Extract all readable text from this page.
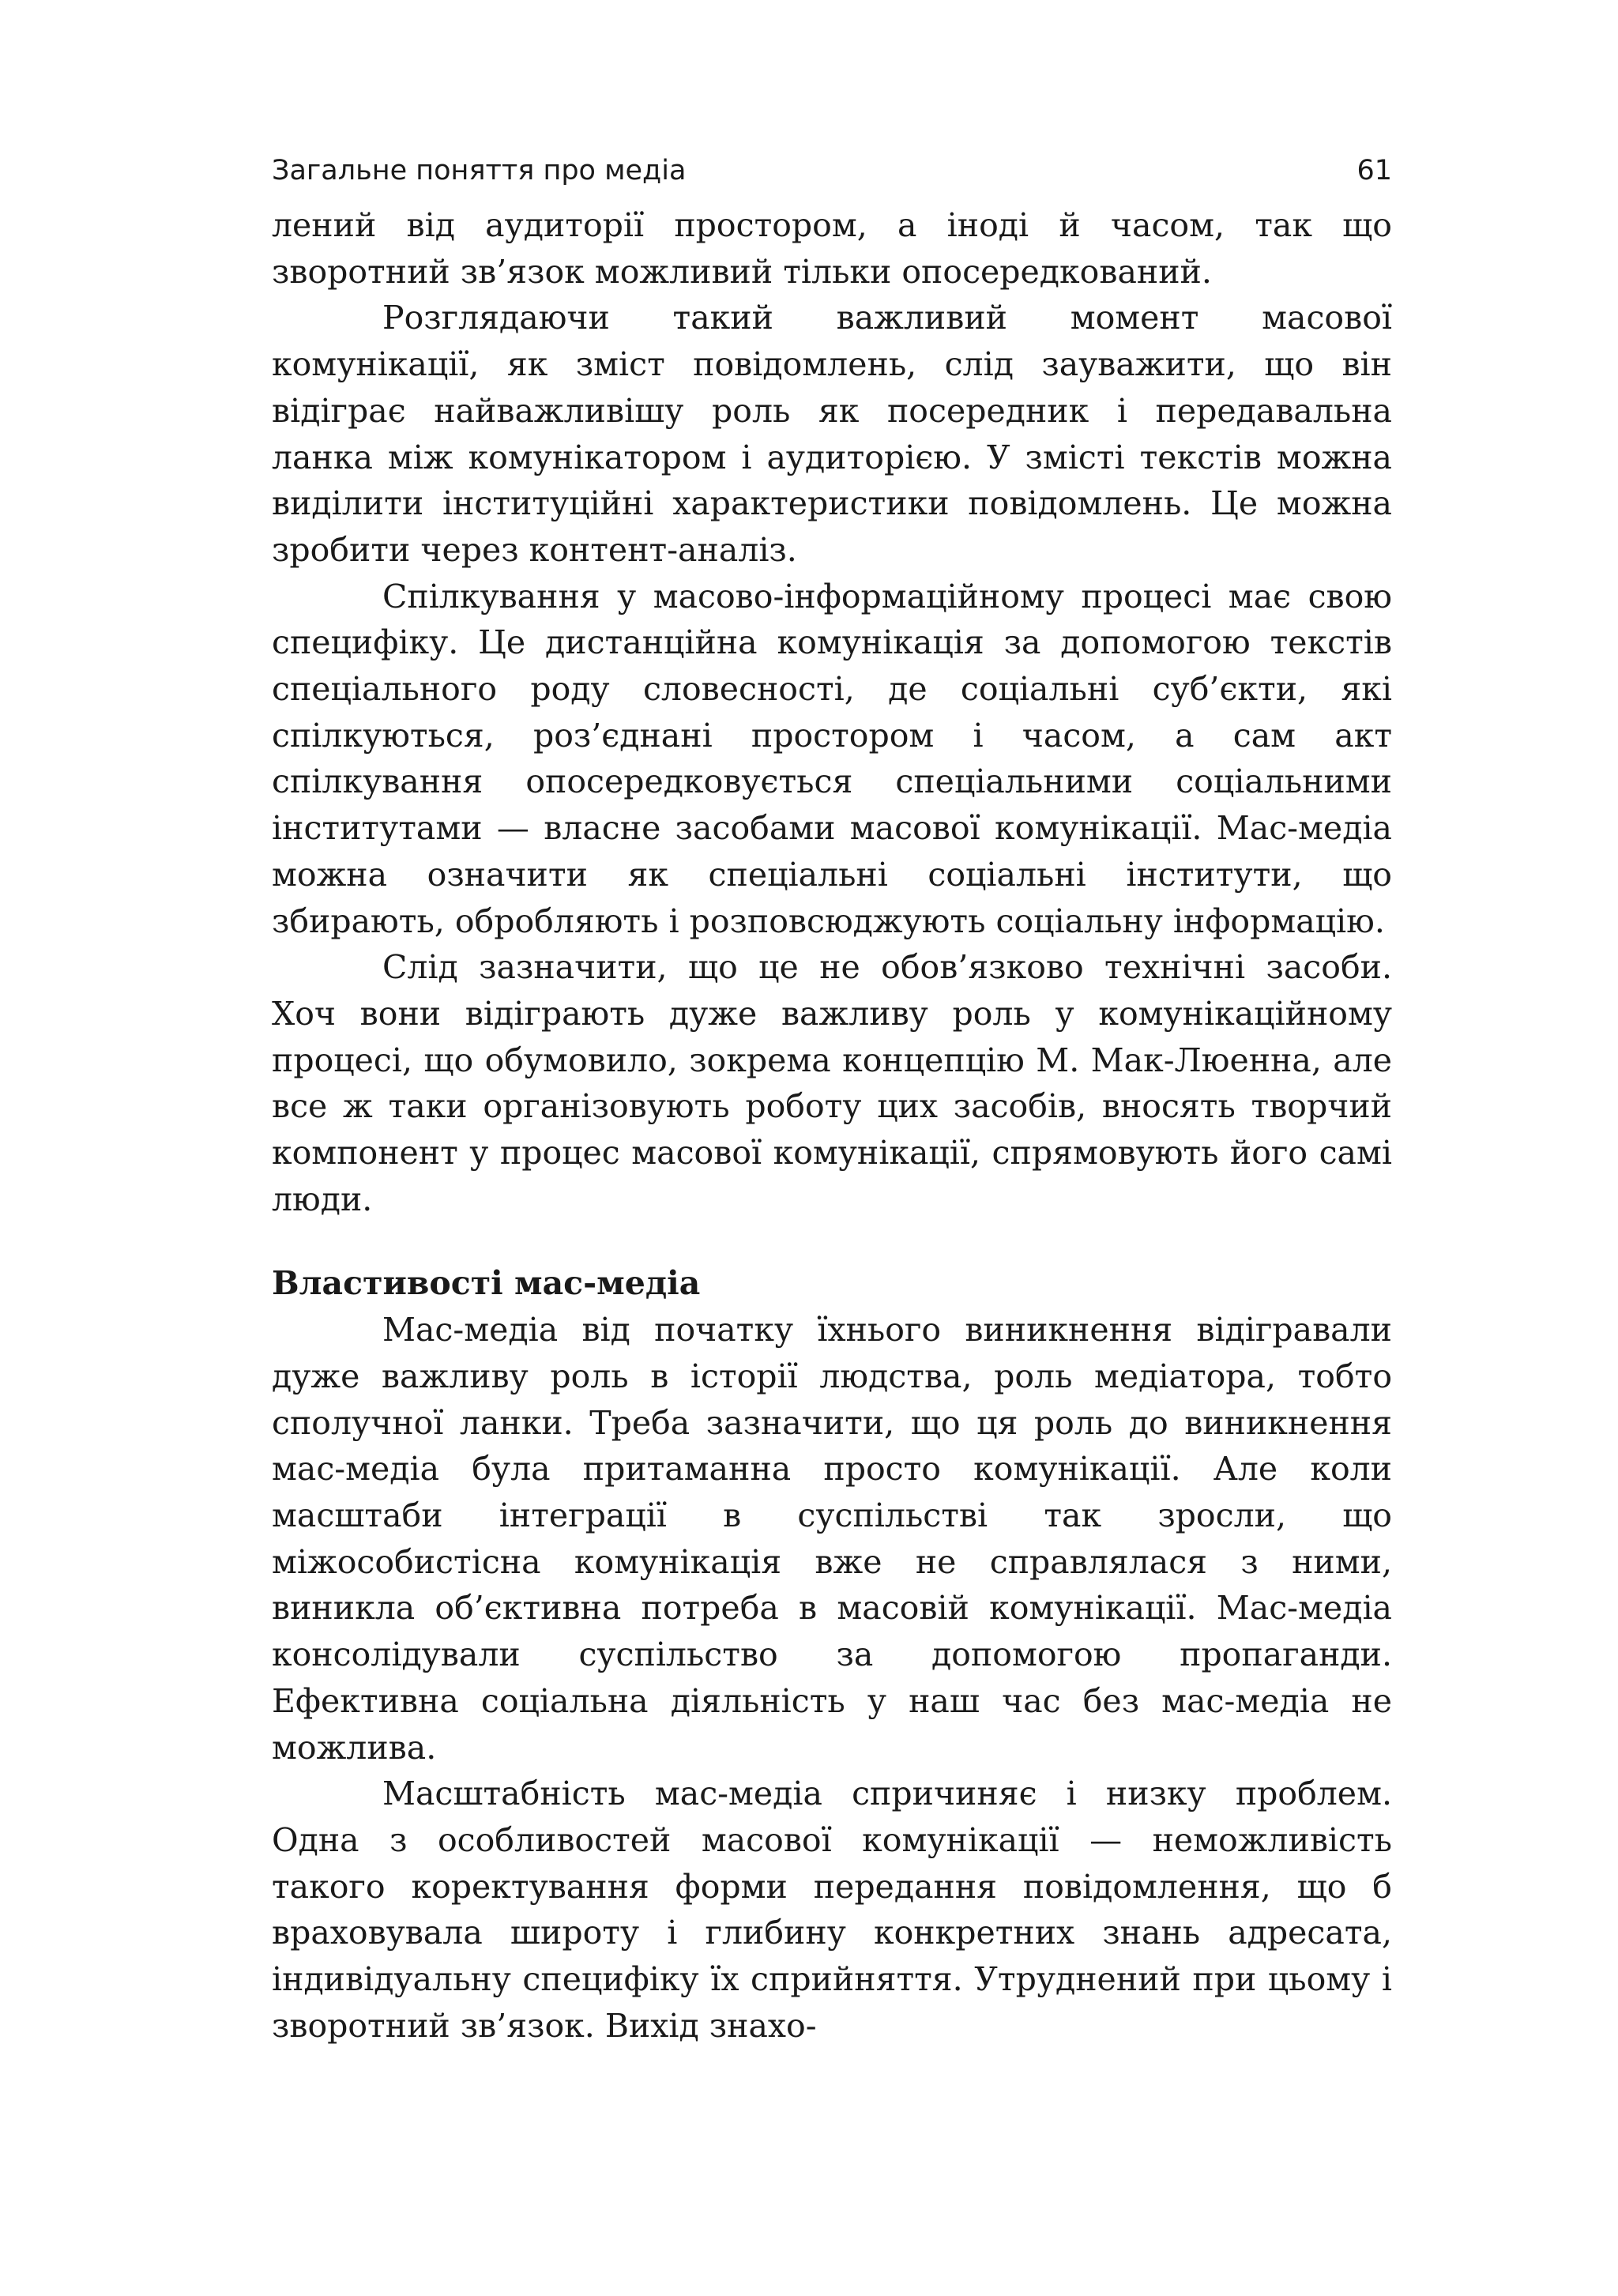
Загальне поняття про медіа	61

лений від аудиторії простором, а іноді й часом, так що зворотний зв’язок можливий тільки опосередкований.

Розглядаючи такий важливий момент масової комунікації, як зміст повідомлень, слід зауважити, що він відіграє найважливішу роль як посередник і передавальна ланка між комунікатором і аудиторією. У змісті текстів можна виділити інституційні характеристики повідомлень. Це можна зробити через контент-аналіз.

Спілкування у масово-інформаційному процесі має свою специфіку. Це дистанційна комунікація за допомогою текстів спеціального роду словесності, де соціальні суб’єкти, які спілкуються, роз’єднані простором і часом, а сам акт спілкування опосередковується спеціальними соціальними інститутами — власне засобами масової комунікації. Мас-медіа можна означити як спеціальні соціальні інститути, що збирають, обробляють і розповсюджують соціальну інформацію.

Слід зазначити, що це не обов’язково технічні засоби. Хоч вони відіграють дуже важливу роль у комунікаційному процесі, що обумовило, зокрема концепцію М. Мак-Люенна, але все ж таки організовують роботу цих засобів, вносять творчий компонент у процес масової комунікації, спрямовують його самі люди.

Властивості мас-медіа

Мас-медіа від початку їхнього виникнення відігравали дуже важливу роль в історії людства, роль медіатора, тобто сполучної ланки. Треба зазначити, що ця роль до виникнення мас-медіа була притаманна просто комунікації. Але коли масштаби інтеграції в суспільстві так зросли, що міжособистісна комунікація вже не справлялася з ними, виникла об’єктивна потреба в масовій комунікації. Мас-медіа консолідували суспільство за допомогою пропаганди. Ефективна соціальна діяльність у наш час без мас-медіа не можлива.

Масштабність мас-медіа спричиняє і низку проблем. Одна з особливостей масової комунікації — неможливість такого коректування форми передання повідомлення, що б враховувала широту і глибину конкретних знань адресата, індивідуальну специфіку їх сприйняття. Утруднений при цьому і зворотний зв’язок. Вихід знахо-
